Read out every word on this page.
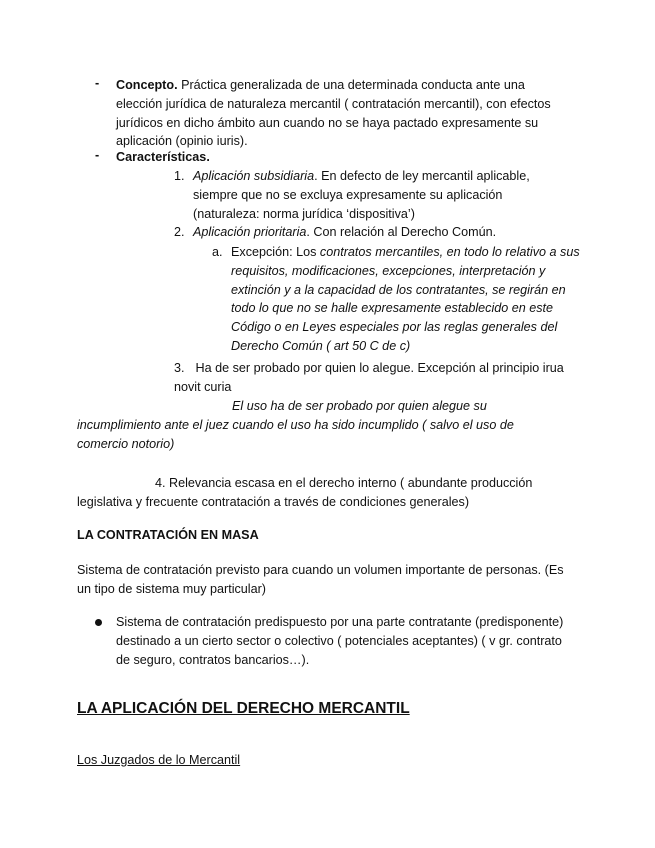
-	Concepto. Práctica generalizada de una determinada conducta ante una elección jurídica de naturaleza mercantil ( contratación mercantil), con efectos jurídicos en dicho ámbito aun cuando no se haya pactado expresamente su aplicación (opinio iuris).
-	Características.
1. Aplicación subsidiaria. En defecto de ley mercantil aplicable, siempre que no se excluya expresamente su aplicación (naturaleza: norma jurídica ‘dispositiva’)
2. Aplicación prioritaria. Con relación al Derecho Común.
a. Excepción: Los contratos mercantiles, en todo lo relativo a sus requisitos, modificaciones, excepciones, interpretación y extinción y a la capacidad de los contratantes, se regirán en todo lo que no se halle expresamente establecido en este Código o en Leyes especiales por las reglas generales del Derecho Común ( art 50 C de c)
3. Ha de ser probado por quien lo alegue. Excepción al principio irua novit curia
El uso ha de ser probado por quien alegue su incumplimiento ante el juez cuando el uso ha sido incumplido ( salvo el uso de comercio notorio)
4. Relevancia escasa en el derecho interno ( abundante producción legislativa y frecuente contratación a través de condiciones generales)
LA CONTRATACIÓN EN MASA
Sistema de contratación previsto para cuando un volumen importante de personas. (Es un tipo de sistema muy particular)
Sistema de contratación predispuesto por una parte contratante (predisponente) destinado a un cierto sector o colectivo ( potenciales aceptantes) ( v gr. contrato de seguro, contratos bancarios…).
LA APLICACIÓN DEL DERECHO MERCANTIL
Los Juzgados de lo Mercantil
